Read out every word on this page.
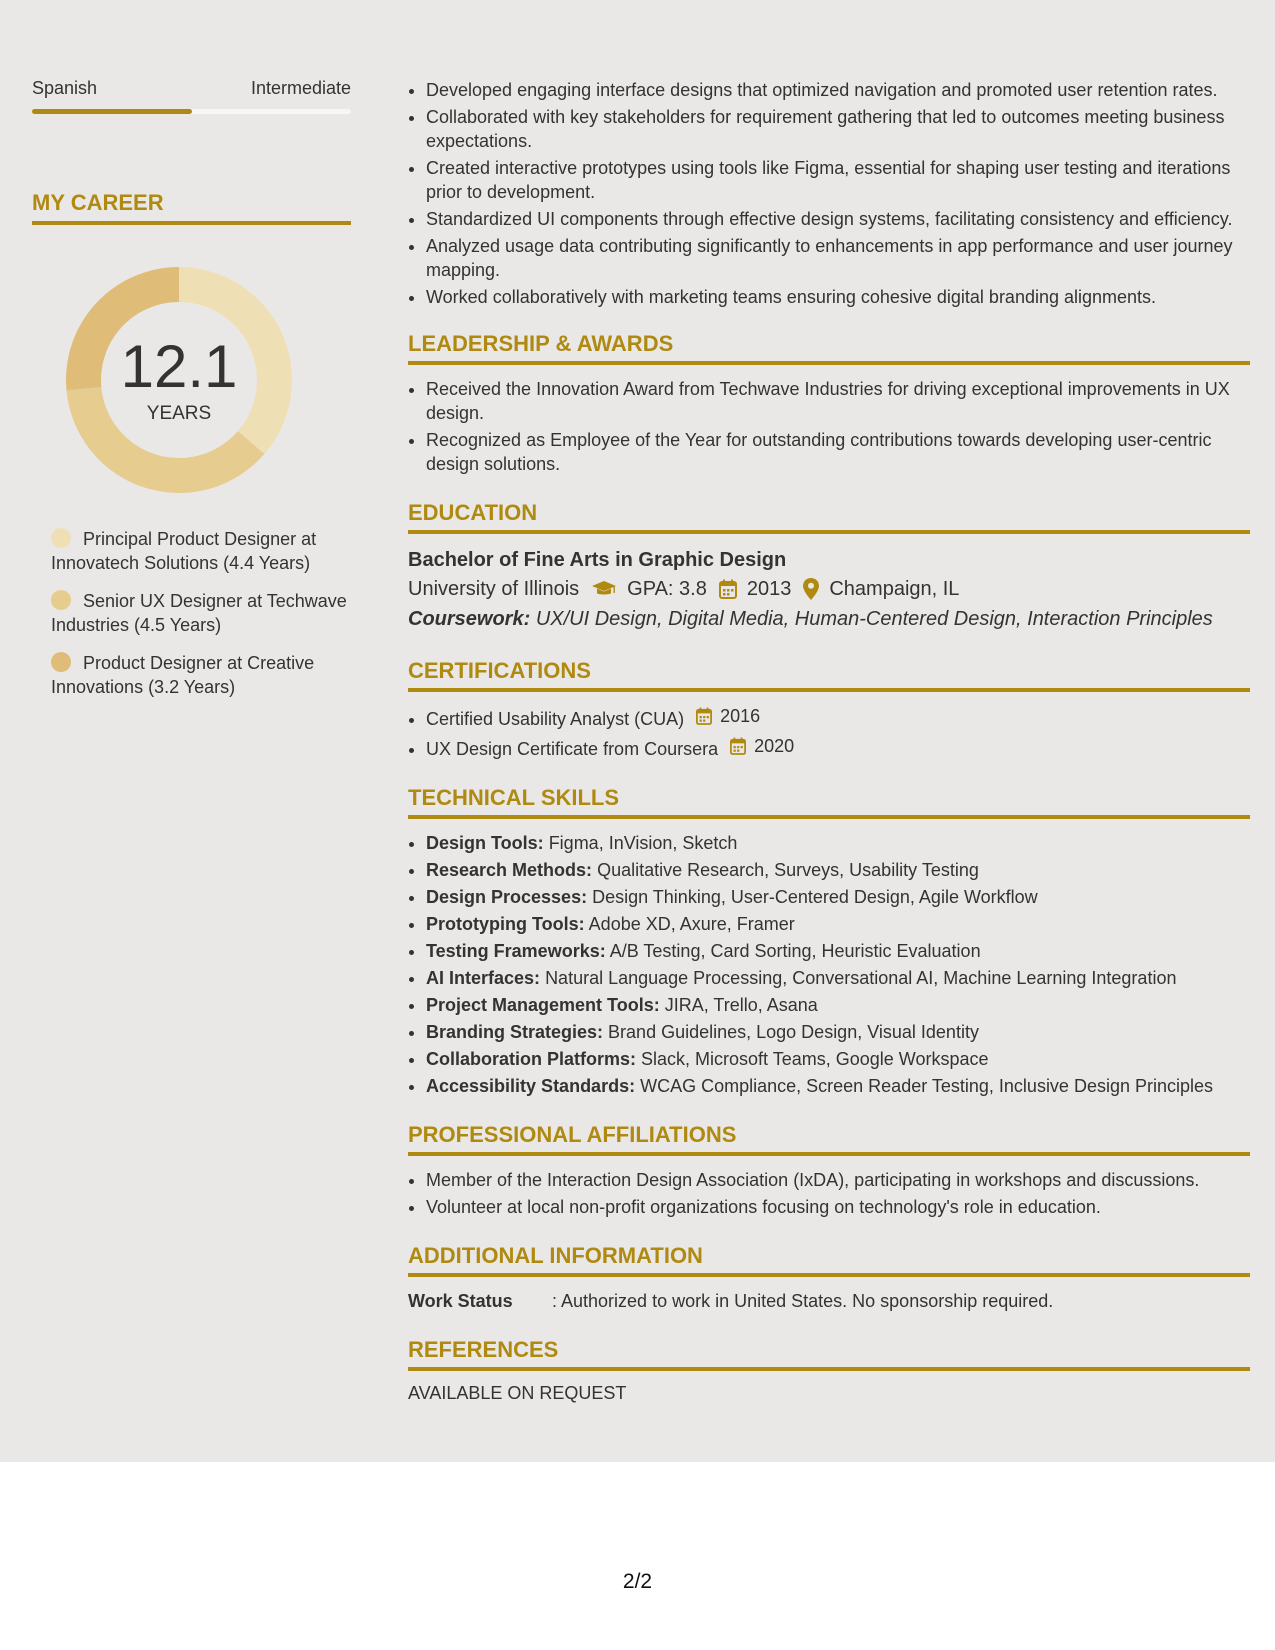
Spanish	Intermediate
MY CAREER
12.1
YEARS
Principal Product Designer at Innovatech Solutions (4.4 Years)
Senior UX Designer at Techwave Industries (4.5 Years)
Product Designer at Creative Innovations (3.2 Years)
• Developed engaging interface designs that optimized navigation and promoted user retention rates.
• Collaborated with key stakeholders for requirement gathering that led to outcomes meeting business expectations.
• Created interactive prototypes using tools like Figma, essential for shaping user testing and iterations prior to development.
• Standardized UI components through effective design systems, facilitating consistency and efficiency.
• Analyzed usage data contributing significantly to enhancements in app performance and user journey mapping.
• Worked collaboratively with marketing teams ensuring cohesive digital branding alignments.
LEADERSHIP & AWARDS
• Received the Innovation Award from Techwave Industries for driving exceptional improvements in UX design.
• Recognized as Employee of the Year for outstanding contributions towards developing user-centric design solutions.
EDUCATION
Bachelor of Fine Arts in Graphic Design
University of Illinois GPA: 3.8 2013 Champaign, IL
Coursework: UX/UI Design, Digital Media, Human-Centered Design, Interaction Principles
CERTIFICATIONS
• Certified Usability Analyst (CUA) 2016
• UX Design Certificate from Coursera 2020
TECHNICAL SKILLS
• Design Tools: Figma, InVision, Sketch
• Research Methods: Qualitative Research, Surveys, Usability Testing
• Design Processes: Design Thinking, User-Centered Design, Agile Workflow
• Prototyping Tools: Adobe XD, Axure, Framer
• Testing Frameworks: A/B Testing, Card Sorting, Heuristic Evaluation
• AI Interfaces: Natural Language Processing, Conversational AI, Machine Learning Integration
• Project Management Tools: JIRA, Trello, Asana
• Branding Strategies: Brand Guidelines, Logo Design, Visual Identity
• Collaboration Platforms: Slack, Microsoft Teams, Google Workspace
• Accessibility Standards: WCAG Compliance, Screen Reader Testing, Inclusive Design Principles
PROFESSIONAL AFFILIATIONS
• Member of the Interaction Design Association (IxDA), participating in workshops and discussions.
• Volunteer at local non-profit organizations focusing on technology's role in education.
ADDITIONAL INFORMATION
Work Status	: Authorized to work in United States. No sponsorship required.
REFERENCES
AVAILABLE ON REQUEST
2/2
